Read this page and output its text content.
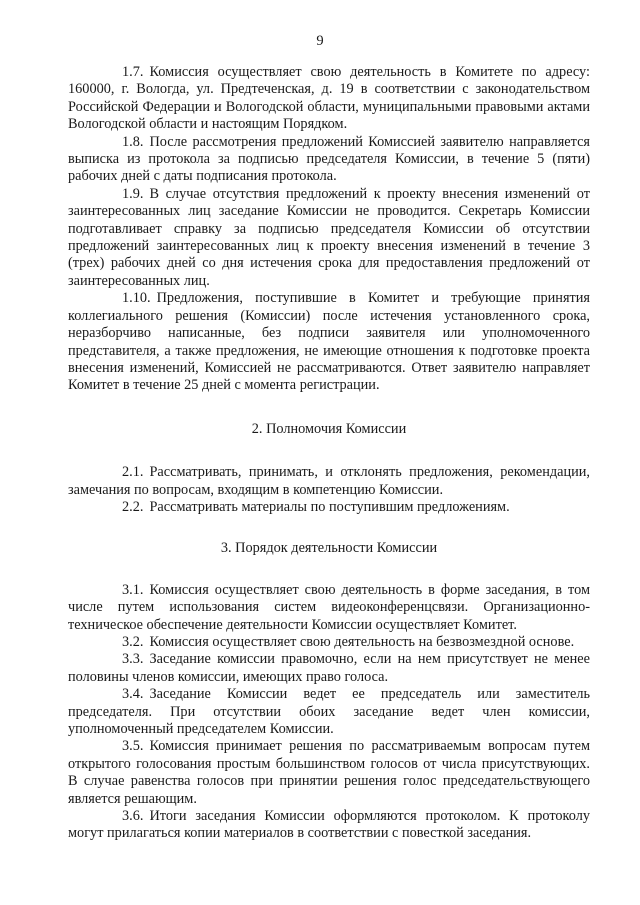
9

1.7. Комиссия осуществляет свою деятельность в Комитете по адресу: 160000, г. Вологда, ул. Предтеченская, д. 19 в соответствии с законодательством Российской Федерации и Вологодской области, муниципальными правовыми актами Вологодской области и настоящим Порядком.

1.8. После рассмотрения предложений Комиссией заявителю направляется выписка из протокола за подписью председателя Комиссии, в течение 5 (пяти) рабочих дней с даты подписания протокола.

1.9. В случае отсутствия предложений к проекту внесения изменений от заинтересованных лиц заседание Комиссии не проводится. Секретарь Комиссии подготавливает справку за подписью председателя Комиссии об отсутствии предложений заинтересованных лиц к проекту внесения изменений в течение 3 (трех) рабочих дней со дня истечения срока для предоставления предложений от заинтересованных лиц.

1.10. Предложения, поступившие в Комитет и требующие принятия коллегиального решения (Комиссии) после истечения установленного срока, неразборчиво написанные, без подписи заявителя или уполномоченного представителя, а также предложения, не имеющие отношения к подготовке проекта внесения изменений, Комиссией не рассматриваются. Ответ заявителю направляет Комитет в течение 25 дней с момента регистрации.

2. Полномочия Комиссии

2.1. Рассматривать, принимать, и отклонять предложения, рекомендации, замечания по вопросам, входящим в компетенцию Комиссии.

2.2. Рассматривать материалы по поступившим предложениям.

3. Порядок деятельности Комиссии

3.1. Комиссия осуществляет свою деятельность в форме заседания, в том числе путем использования систем видеоконференцсвязи. Организационно-техническое обеспечение деятельности Комиссии осуществляет Комитет.

3.2. Комиссия осуществляет свою деятельность на безвозмездной основе.

3.3. Заседание комиссии правомочно, если на нем присутствует не менее половины членов комиссии, имеющих право голоса.

3.4. Заседание Комиссии ведет ее председатель или заместитель председателя. При отсутствии обоих заседание ведет член комиссии, уполномоченный председателем Комиссии.

3.5. Комиссия принимает решения по рассматриваемым вопросам путем открытого голосования простым большинством голосов от числа присутствующих. В случае равенства голосов при принятии решения голос председательствующего является решающим.

3.6. Итоги заседания Комиссии оформляются протоколом. К протоколу могут прилагаться копии материалов в соответствии с повесткой заседания.
